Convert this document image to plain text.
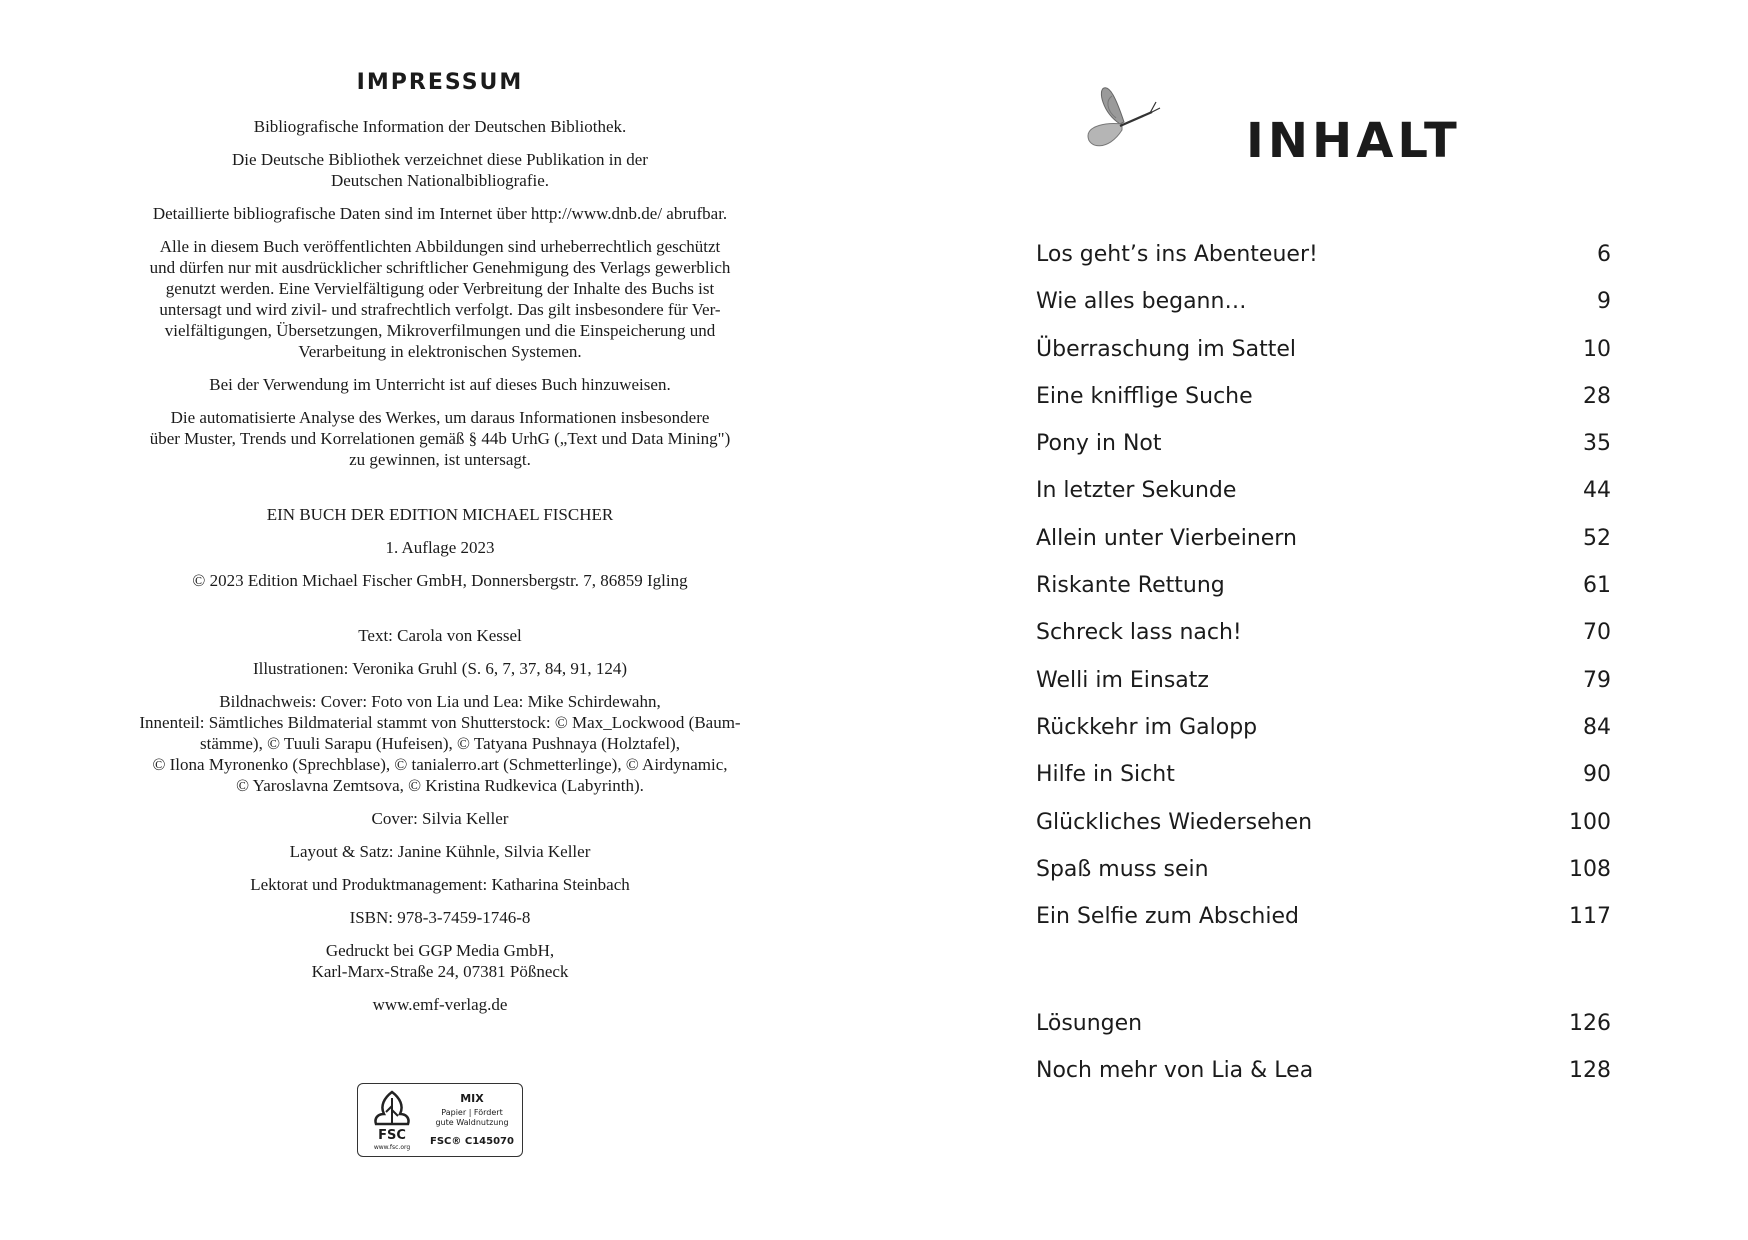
IMPRESSUM

Bibliografische Information der Deutschen Bibliothek.

Die Deutsche Bibliothek verzeichnet diese Publikation in der
Deutschen Nationalbibliografie.

Detaillierte bibliografische Daten sind im Internet über http://www.dnb.de/ abrufbar.

Alle in diesem Buch veröffentlichten Abbildungen sind urheberrechtlich geschützt
und dürfen nur mit ausdrücklicher schriftlicher Genehmigung des Verlags gewerblich
genutzt werden. Eine Vervielfältigung oder Verbreitung der Inhalte des Buchs ist
untersagt und wird zivil- und strafrechtlich verfolgt. Das gilt insbesondere für Ver-
vielfältigungen, Übersetzungen, Mikroverfilmungen und die Einspeicherung und
Verarbeitung in elektronischen Systemen.

Bei der Verwendung im Unterricht ist auf dieses Buch hinzuweisen.

Die automatisierte Analyse des Werkes, um daraus Informationen insbesondere
über Muster, Trends und Korrelationen gemäß § 44b UrhG („Text und Data Mining")
zu gewinnen, ist untersagt.

EIN BUCH DER EDITION MICHAEL FISCHER

1. Auflage 2023

© 2023 Edition Michael Fischer GmbH, Donnersbergstr. 7, 86859 Igling

Text: Carola von Kessel

Illustrationen: Veronika Gruhl (S. 6, 7, 37, 84, 91, 124)

Bildnachweis: Cover: Foto von Lia und Lea: Mike Schirdewahn,
Innenteil: Sämtliches Bildmaterial stammt von Shutterstock: © Max_Lockwood (Baum-
stämme), © Tuuli Sarapu (Hufeisen), © Tatyana Pushnaya (Holztafel),
© Ilona Myronenko (Sprechblase), © tanialerro.art (Schmetterlinge), © Airdynamic,
© Yaroslavna Zemtsova, © Kristina Rudkevica (Labyrinth).

Cover: Silvia Keller

Layout & Satz: Janine Kühnle, Silvia Keller

Lektorat und Produktmanagement: Katharina Steinbach

ISBN: 978-3-7459-1746-8

Gedruckt bei GGP Media GmbH,
Karl-Marx-Straße 24, 07381 Pößneck

www.emf-verlag.de

FSC
www.fsc.org
MIX
Papier | Fördert
gute Waldnutzung
FSC® C145070
INHALT
Los geht’s ins Abenteuer!	6
Wie alles begann…	9
Überraschung im Sattel	10
Eine knifflige Suche	28
Pony in Not	35
In letzter Sekunde	44
Allein unter Vierbeinern	52
Riskante Rettung	61
Schreck lass nach!	70
Welli im Einsatz	79
Rückkehr im Galopp	84
Hilfe in Sicht	90
Glückliches Wiedersehen	100
Spaß muss sein	108
Ein Selfie zum Abschied	117
Lösungen	126
Noch mehr von Lia & Lea	128
